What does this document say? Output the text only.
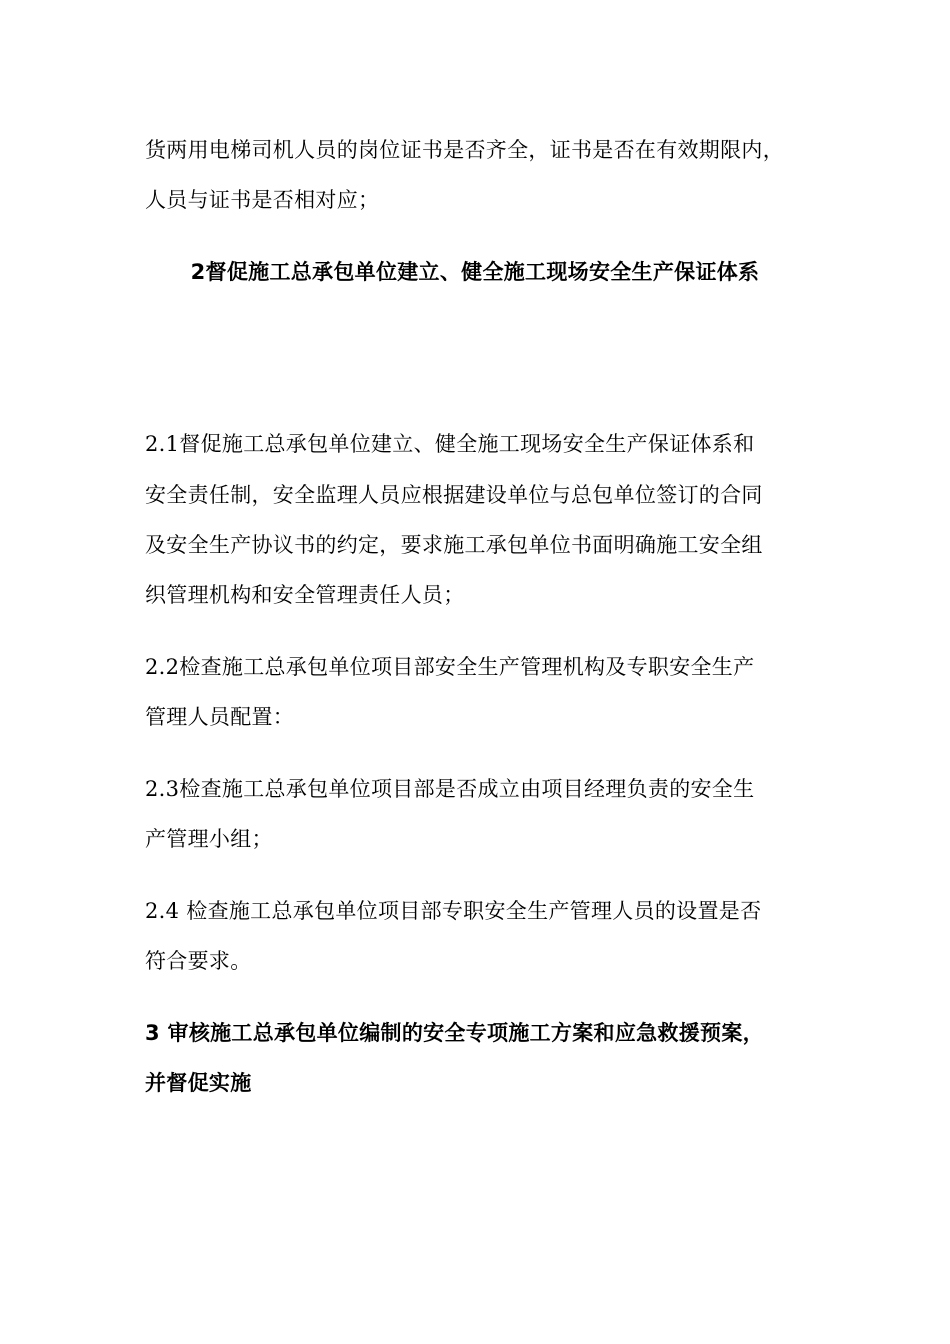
货两用电梯司机人员的岗位证书是否齐全，证书是否在有效期限内，
人员与证书是否相对应；
2督促施工总承包单位建立、健全施工现场安全生产保证体系
2.1督促施工总承包单位建立、健全施工现场安全生产保证体系和
安全责任制，安全监理人员应根据建设单位与总包单位签订的合同
及安全生产协议书的约定，要求施工承包单位书面明确施工安全组
织管理机构和安全管理责任人员；
2.2检查施工总承包单位项目部安全生产管理机构及专职安全生产
管理人员配置：
2.3检查施工总承包单位项目部是否成立由项目经理负责的安全生
产管理小组；
2.4 检查施工总承包单位项目部专职安全生产管理人员的设置是否
符合要求。
3 审核施工总承包单位编制的安全专项施工方案和应急救援预案，
并督促实施
